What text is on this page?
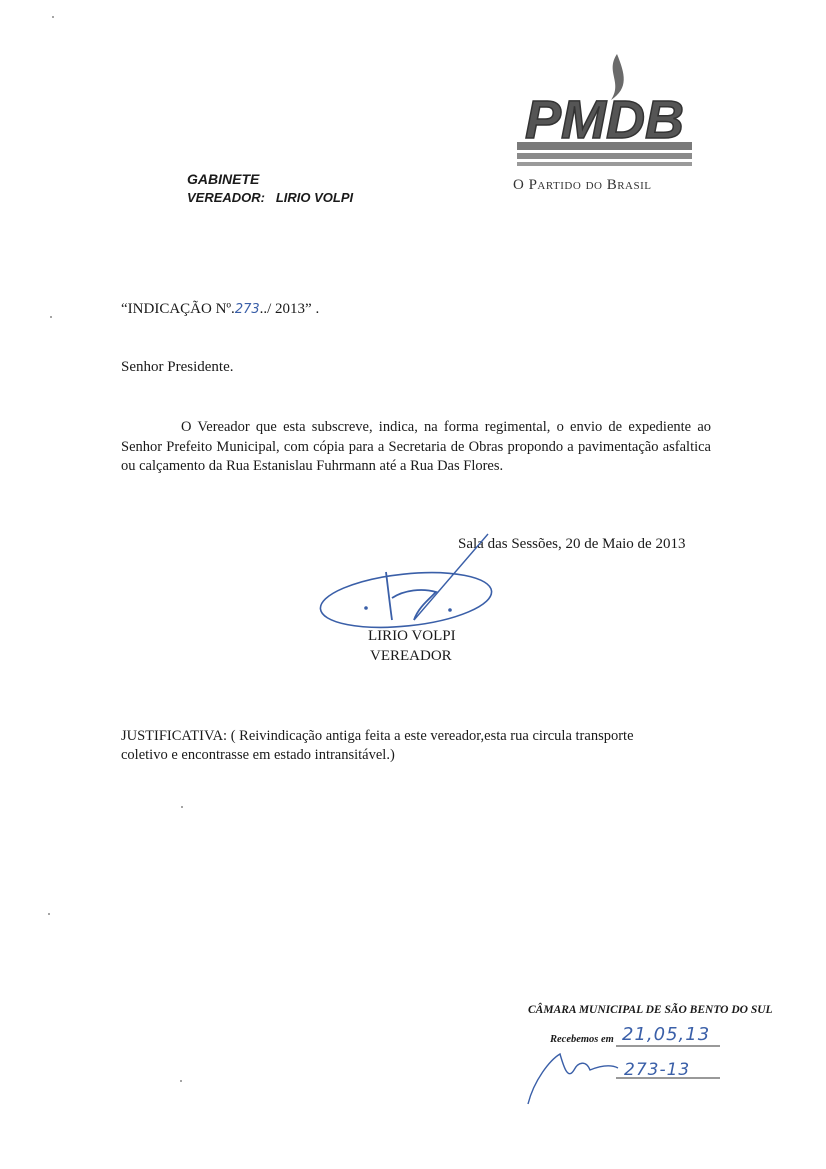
PMDB
O Partido do Brasil
GABINETE
VEREADOR: LIRIO VOLPI
“INDICAÇÃO Nº.273../ 2013” .
Senhor Presidente.
O Vereador que esta subscreve, indica, na forma regimental, o envio de expediente ao Senhor Prefeito Municipal, com cópia para a Secretaria de Obras propondo a pavimentação asfaltica ou calçamento da Rua Estanislau Fuhrmann até a Rua Das Flores.
Sala das Sessões, 20 de Maio de 2013
LIRIO VOLPI
VEREADOR
JUSTIFICATIVA: ( Reivindicação antiga feita a este vereador,esta rua circula transporte coletivo e encontrasse em estado intransitável.)
CÂMARA MUNICIPAL DE SÃO BENTO DO SUL
Recebemos em 21,05,13
273-13
